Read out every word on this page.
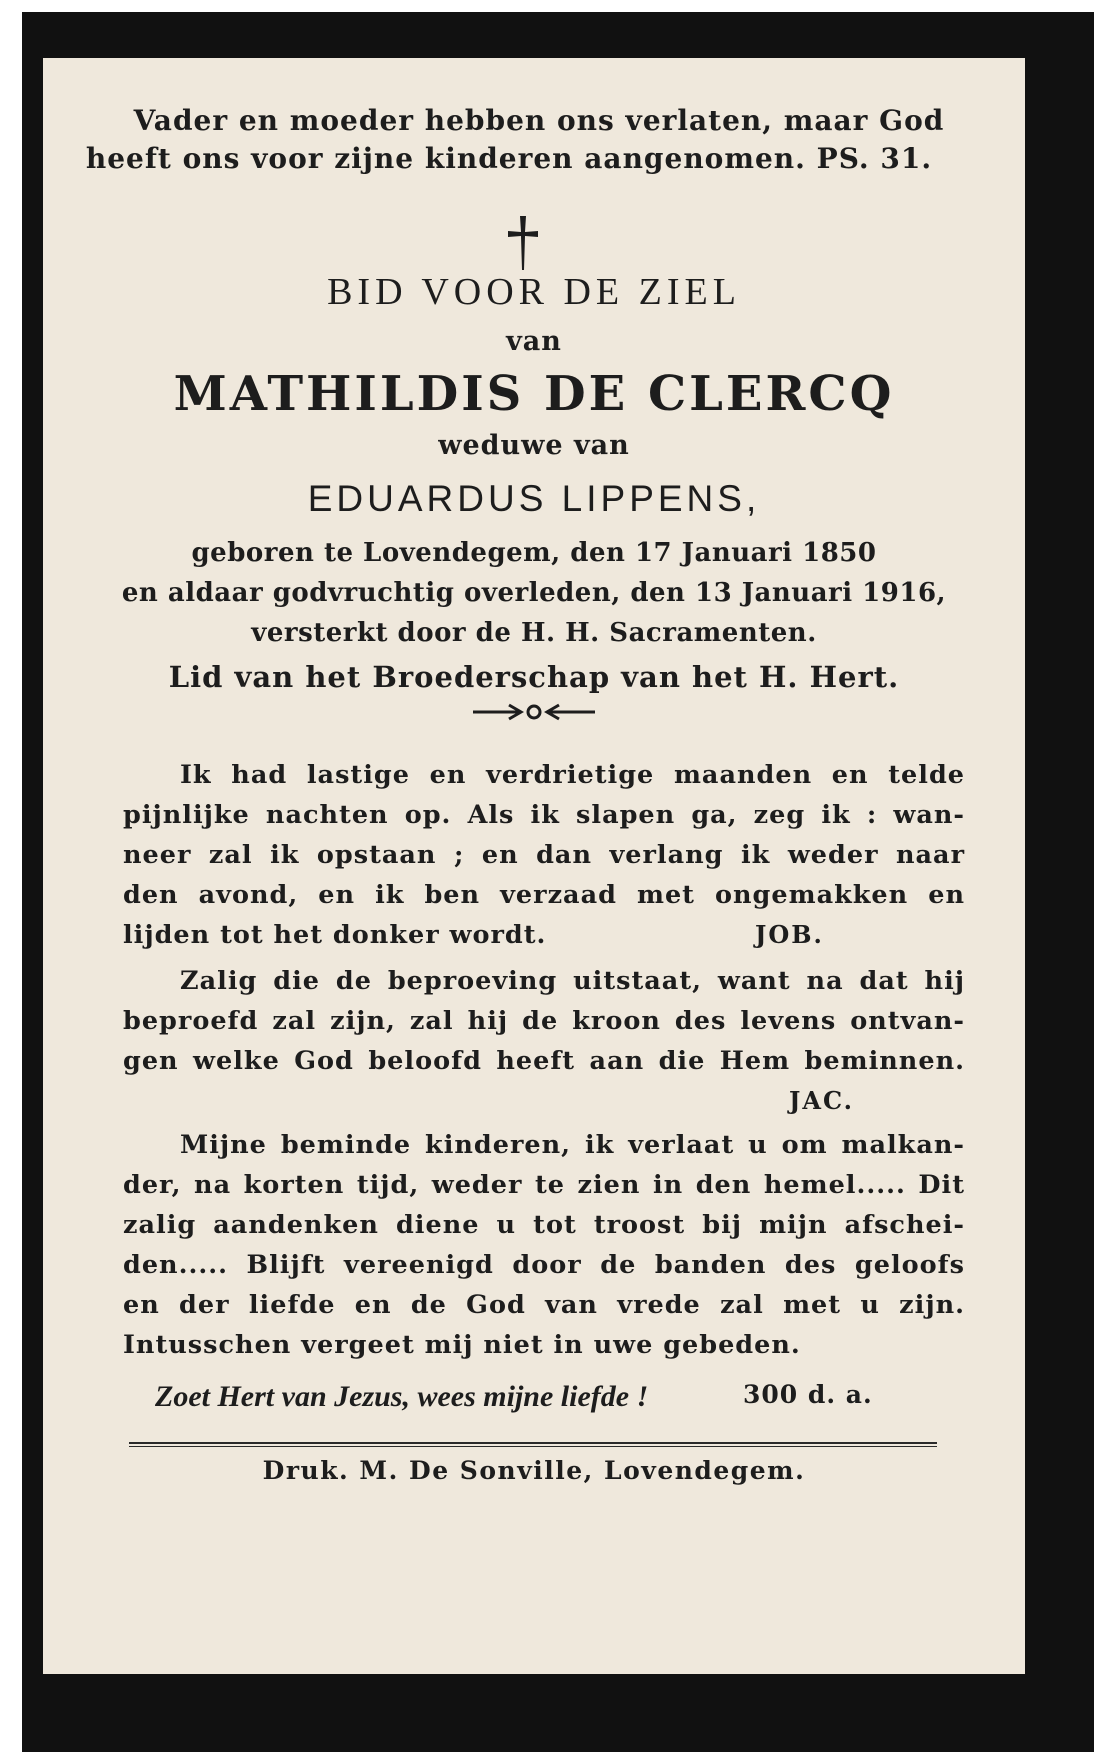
Vader en moeder hebben ons verlaten, maar God
heeft ons voor zijne kinderen aangenomen. PS. 31.
BID VOOR DE ZIEL
van
MATHILDIS DE CLERCQ
weduwe van
EDUARDUS LIPPENS,
geboren te Lovendegem, den 17 Januari 1850
en aldaar godvruchtig overleden, den 13 Januari 1916,
versterkt door de H. H. Sacramenten.
Lid van het Broederschap van het H. Hert.
Ik had lastige en verdrietige maanden en telde
pijnlijke nachten op. Als ik slapen ga, zeg ik : wan-
neer zal ik opstaan ; en dan verlang ik weder naar
den avond, en ik ben verzaad met ongemakken en
lijden tot het donker wordt.	JOB.
Zalig die de beproeving uitstaat, want na dat hij
beproefd zal zijn, zal hij de kroon des levens ontvan-
gen welke God beloofd heeft aan die Hem beminnen.
JAC.
Mijne beminde kinderen, ik verlaat u om malkan-
der, na korten tijd, weder te zien in den hemel..... Dit
zalig aandenken diene u tot troost bij mijn afschei-
den..... Blijft vereenigd door de banden des geloofs
en der liefde en de God van vrede zal met u zijn.
Intusschen vergeet mij niet in uwe gebeden.
Zoet Hert van Jezus, wees mijne liefde !	300 d. a.
Druk. M. De Sonville, Lovendegem.
